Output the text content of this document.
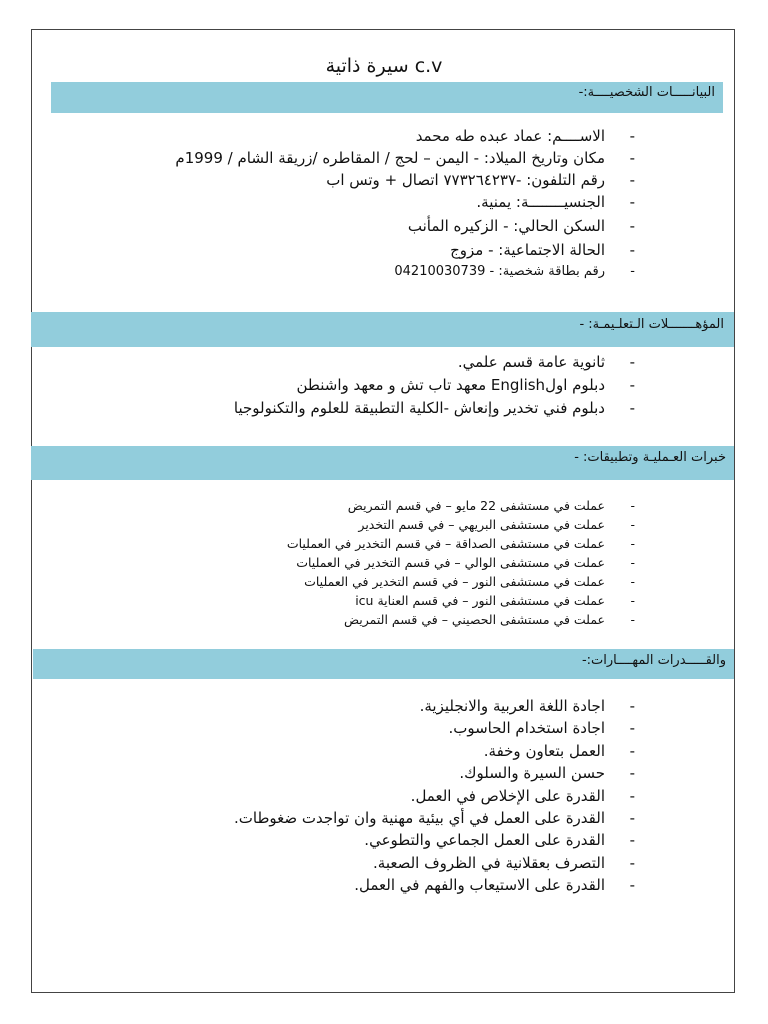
سيرة ذاتية c.v
البيانـــــات الشخصيــــة:-
- الاســــم: عماد عبده طه محمد
- مكان وتاريخ الميلاد: - اليمن – لحج / المقاطره /زريقة الشام / 1999م
- رقم التلفون: -٧٧٣٢٦٤٢٣٧ اتصال + وتس اب
- الجنسيــــــــة: يمنية.
- السكن الحالي: - الزكيره المأنب
- الحالة الاجتماعية: - مزوج
- رقم بطاقة شخصية: - 04210030739
المؤهـــــــلات الـتعلـيمـة: -
- ثانوية عامة قسم علمي.
- دبلوم اولEnglish معهد تاب تش و معهد واشنطن
- دبلوم فني تخدير وإنعاش -الكلية التطبيقة للعلوم والتكنولوجيا
خبرات العـمليـة وتطبيقات: -
- عملت في مستشفى 22 مايو – في قسم التمريض
- عملت في مستشفى البريهي – في قسم التخدير
- عملت في مستشفى الصداقة – في قسم التخدير في العمليات
- عملت في مستشفى الوالي – في قسم التخدير في العمليات
- عملت في مستشفى النور – في قسم التخدير في العمليات
- عملت في مستشفى النور – في قسم العناية icu
- عملت في مستشفى الحصيني – في قسم التمريض
والقـــــدرات المهــــارات:-
- اجادة اللغة العربية والانجليزية.
- اجادة استخدام الحاسوب.
- العمل بتعاون وخفة.
- حسن السيرة والسلوك.
- القدرة على الإخلاص في العمل.
- القدرة على العمل في أي بيئية مهنية وان تواجدت ضغوطات.
- القدرة على العمل الجماعي والتطوعي.
- التصرف بعقلانية في الظروف الصعبة.
- القدرة على الاستيعاب والفهم في العمل.
